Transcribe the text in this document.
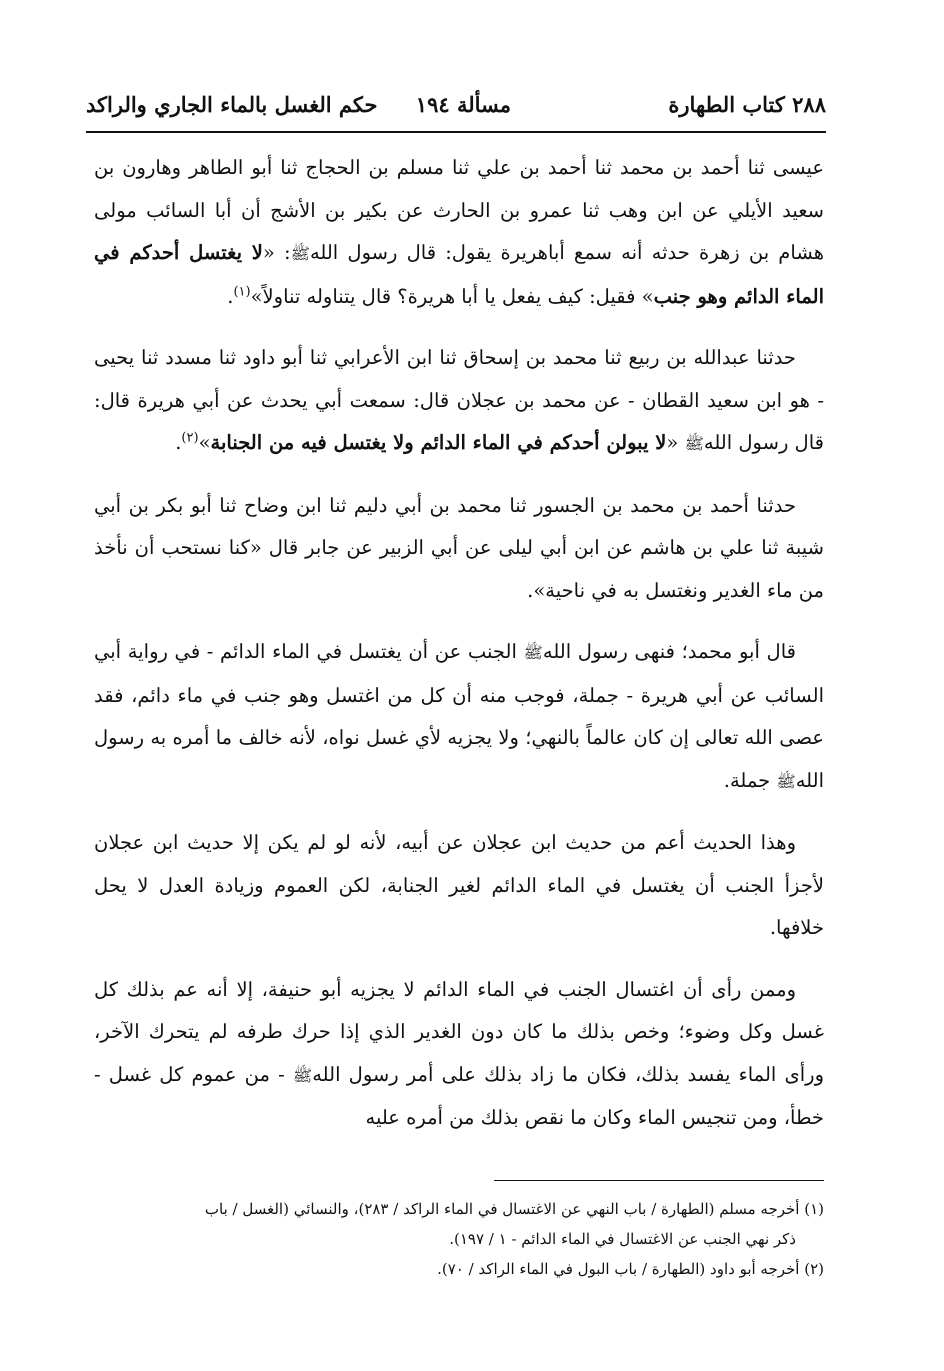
٢٨٨ كتاب الطهارة
مسألة ١٩٤
حكم الغسل بالماء الجاري والراكد

عيسى ثنا أحمد بن محمد ثنا أحمد بن علي ثنا مسلم بن الحجاج ثنا أبو الطاهر وهارون بن سعيد الأيلي عن ابن وهب ثنا عمرو بن الحارث عن بكير بن الأشج أن أبا السائب مولى هشام بن زهرة حدثه أنه سمع أباهريرة يقول: قال رسول اللهﷺ: «لا يغتسل أحدكم في الماء الدائم وهو جنب» فقيل: كيف يفعل يا أبا هريرة؟ قال يتناوله تناولاً»$^{(١)}$.

حدثنا عبدالله بن ربيع ثنا محمد بن إسحاق ثنا ابن الأعرابي ثنا أبو داود ثنا مسدد ثنا يحيى - هو ابن سعيد القطان - عن محمد بن عجلان قال: سمعت أبي يحدث عن أبي هريرة قال: قال رسول اللهﷺ «لا يبولن أحدكم في الماء الدائم ولا يغتسل فيه من الجنابة»$^{(٢)}$.

حدثنا أحمد بن محمد بن الجسور ثنا محمد بن أبي دليم ثنا ابن وضاح ثنا أبو بكر بن أبي شيبة ثنا علي بن هاشم عن ابن أبي ليلى عن أبي الزبير عن جابر قال «كنا نستحب أن نأخذ من ماء الغدير ونغتسل به في ناحية».

قال أبو محمد؛ فنهى رسول اللهﷺ الجنب عن أن يغتسل في الماء الدائم - في رواية أبي السائب عن أبي هريرة - جملة، فوجب منه أن كل من اغتسل وهو جنب في ماء دائم، فقد عصى الله تعالى إن كان عالماً بالنهي؛ ولا يجزيه لأي غسل نواه، لأنه خالف ما أمره به رسول اللهﷺ جملة.

وهذا الحديث أعم من حديث ابن عجلان عن أبيه، لأنه لو لم يكن إلا حديث ابن عجلان لأجزأ الجنب أن يغتسل في الماء الدائم لغير الجنابة، لكن العموم وزيادة العدل لا يحل خلافها.

وممن رأى أن اغتسال الجنب في الماء الدائم لا يجزيه أبو حنيفة، إلا أنه عم بذلك كل غسل وكل وضوء؛ وخص بذلك ما كان دون الغدير الذي إذا حرك طرفه لم يتحرك الآخر، ورأى الماء يفسد بذلك، فكان ما زاد بذلك على أمر رسول اللهﷺ - من عموم كل غسل - خطأ، ومن تنجيس الماء وكان ما نقص بذلك من أمره عليه

(١) أخرجه مسلم (الطهارة / باب النهي عن الاغتسال في الماء الراكد / ٢٨٣)، والنسائي (الغسل / باب

ذكر نهي الجنب عن الاغتسال في الماء الدائم - ١ / ١٩٧).

(٢) أخرجه أبو داود (الطهارة / باب البول في الماء الراكد / ٧٠).
